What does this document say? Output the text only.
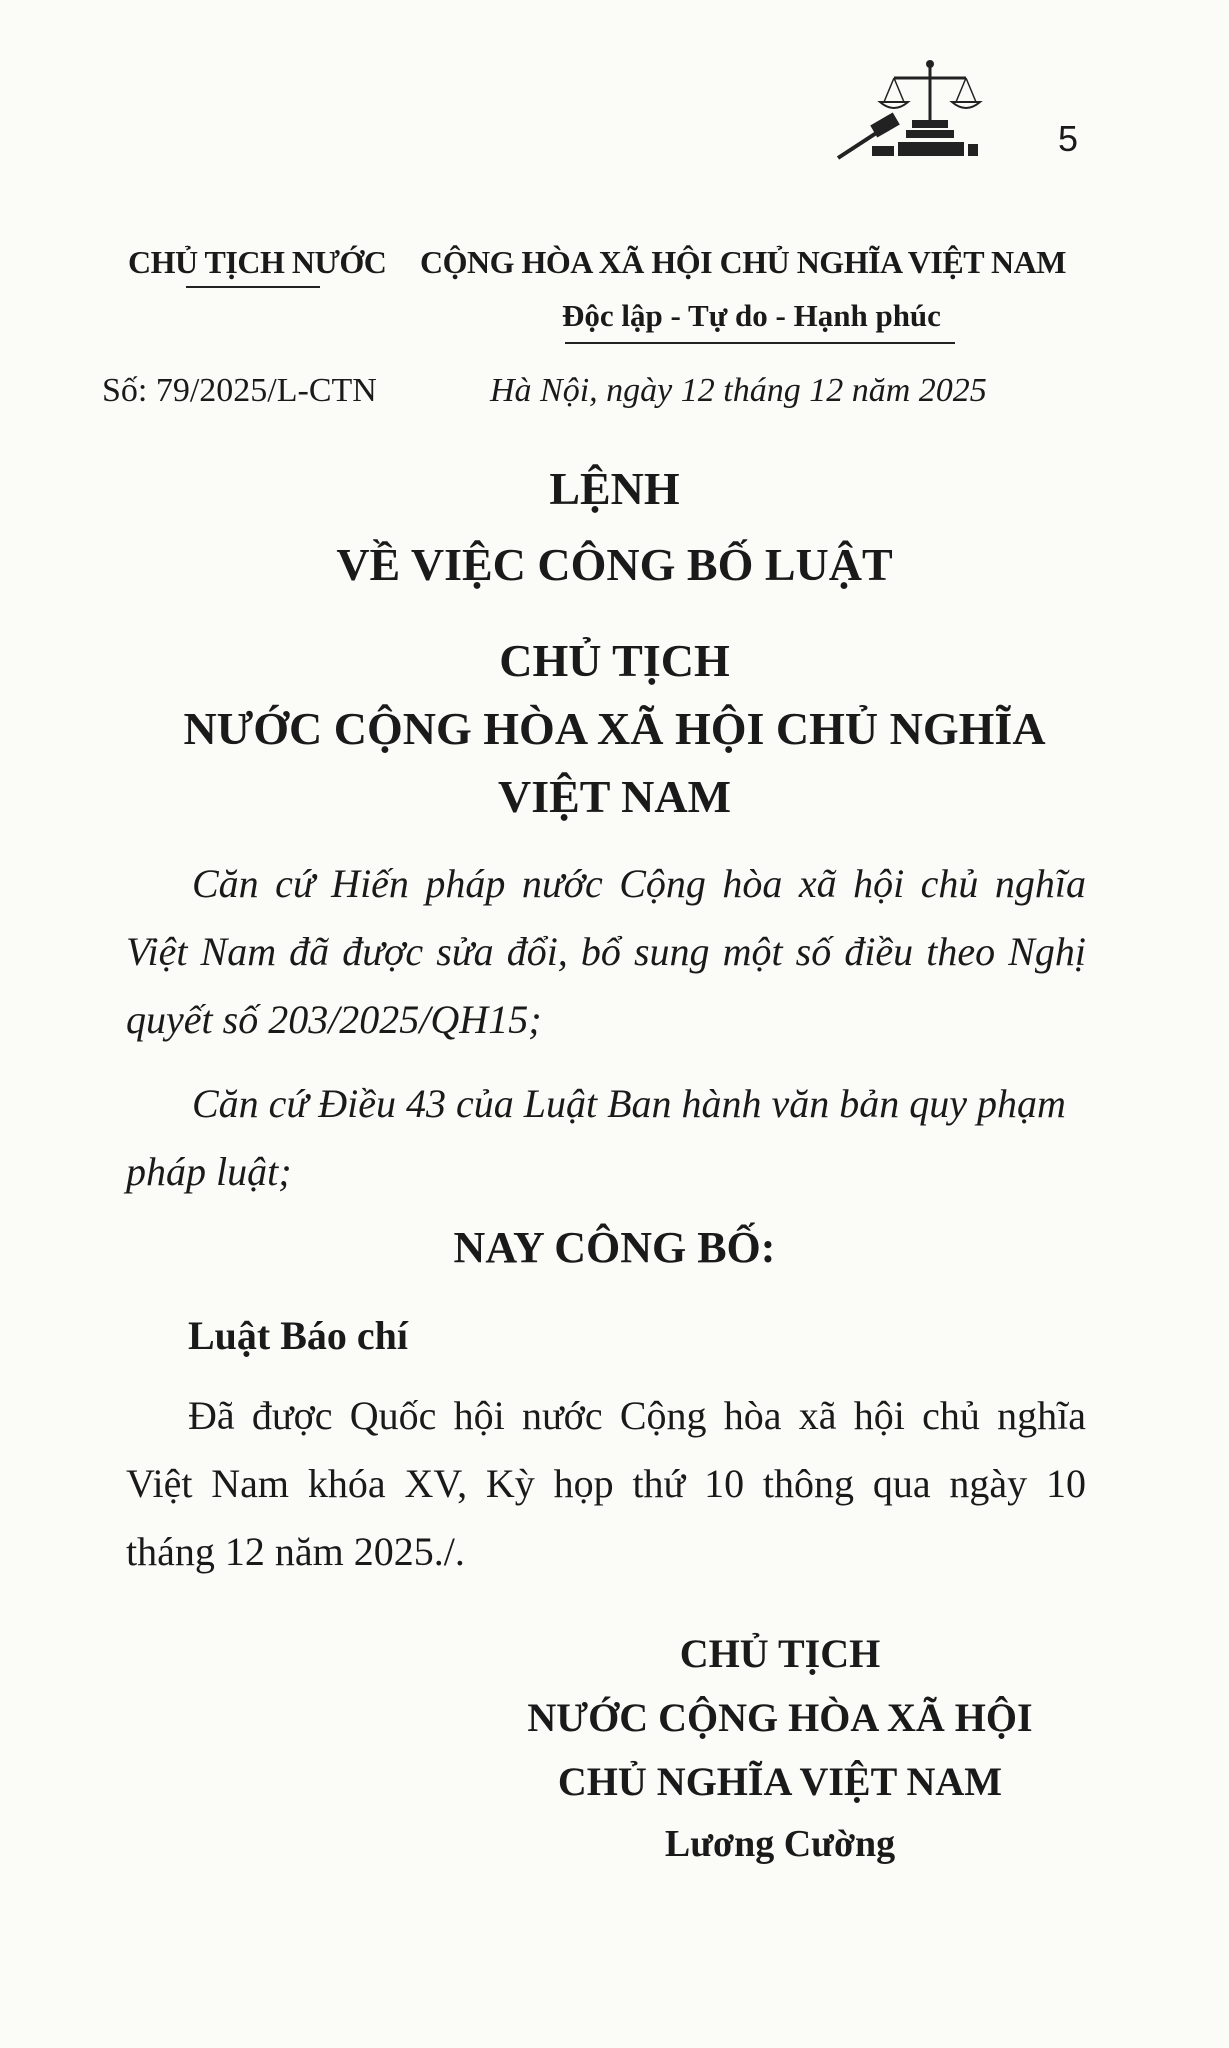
5
CHỦ TỊCH NƯỚC CỘNG HÒA XÃ HỘI CHỦ NGHĨA VIỆT NAM
Độc lập - Tự do - Hạnh phúc
Số: 79/2025/L-CTN	Hà Nội, ngày 12 tháng 12 năm 2025
LỆNH
VỀ VIỆC CÔNG BỐ LUẬT
CHỦ TỊCH
NƯỚC CỘNG HÒA XÃ HỘI CHỦ NGHĨA
VIỆT NAM
Căn cứ Hiến pháp nước Cộng hòa xã hội chủ nghĩa Việt Nam đã được sửa đổi, bổ sung một số điều theo Nghị quyết số 203/2025/QH15;
Căn cứ Điều 43 của Luật Ban hành văn bản quy phạm pháp luật;
NAY CÔNG BỐ:
Luật Báo chí
Đã được Quốc hội nước Cộng hòa xã hội chủ nghĩa Việt Nam khóa XV, Kỳ họp thứ 10 thông qua ngày 10 tháng 12 năm 2025./.
CHỦ TỊCH
NƯỚC CỘNG HÒA XÃ HỘI
CHỦ NGHĨA VIỆT NAM
Lương Cường
